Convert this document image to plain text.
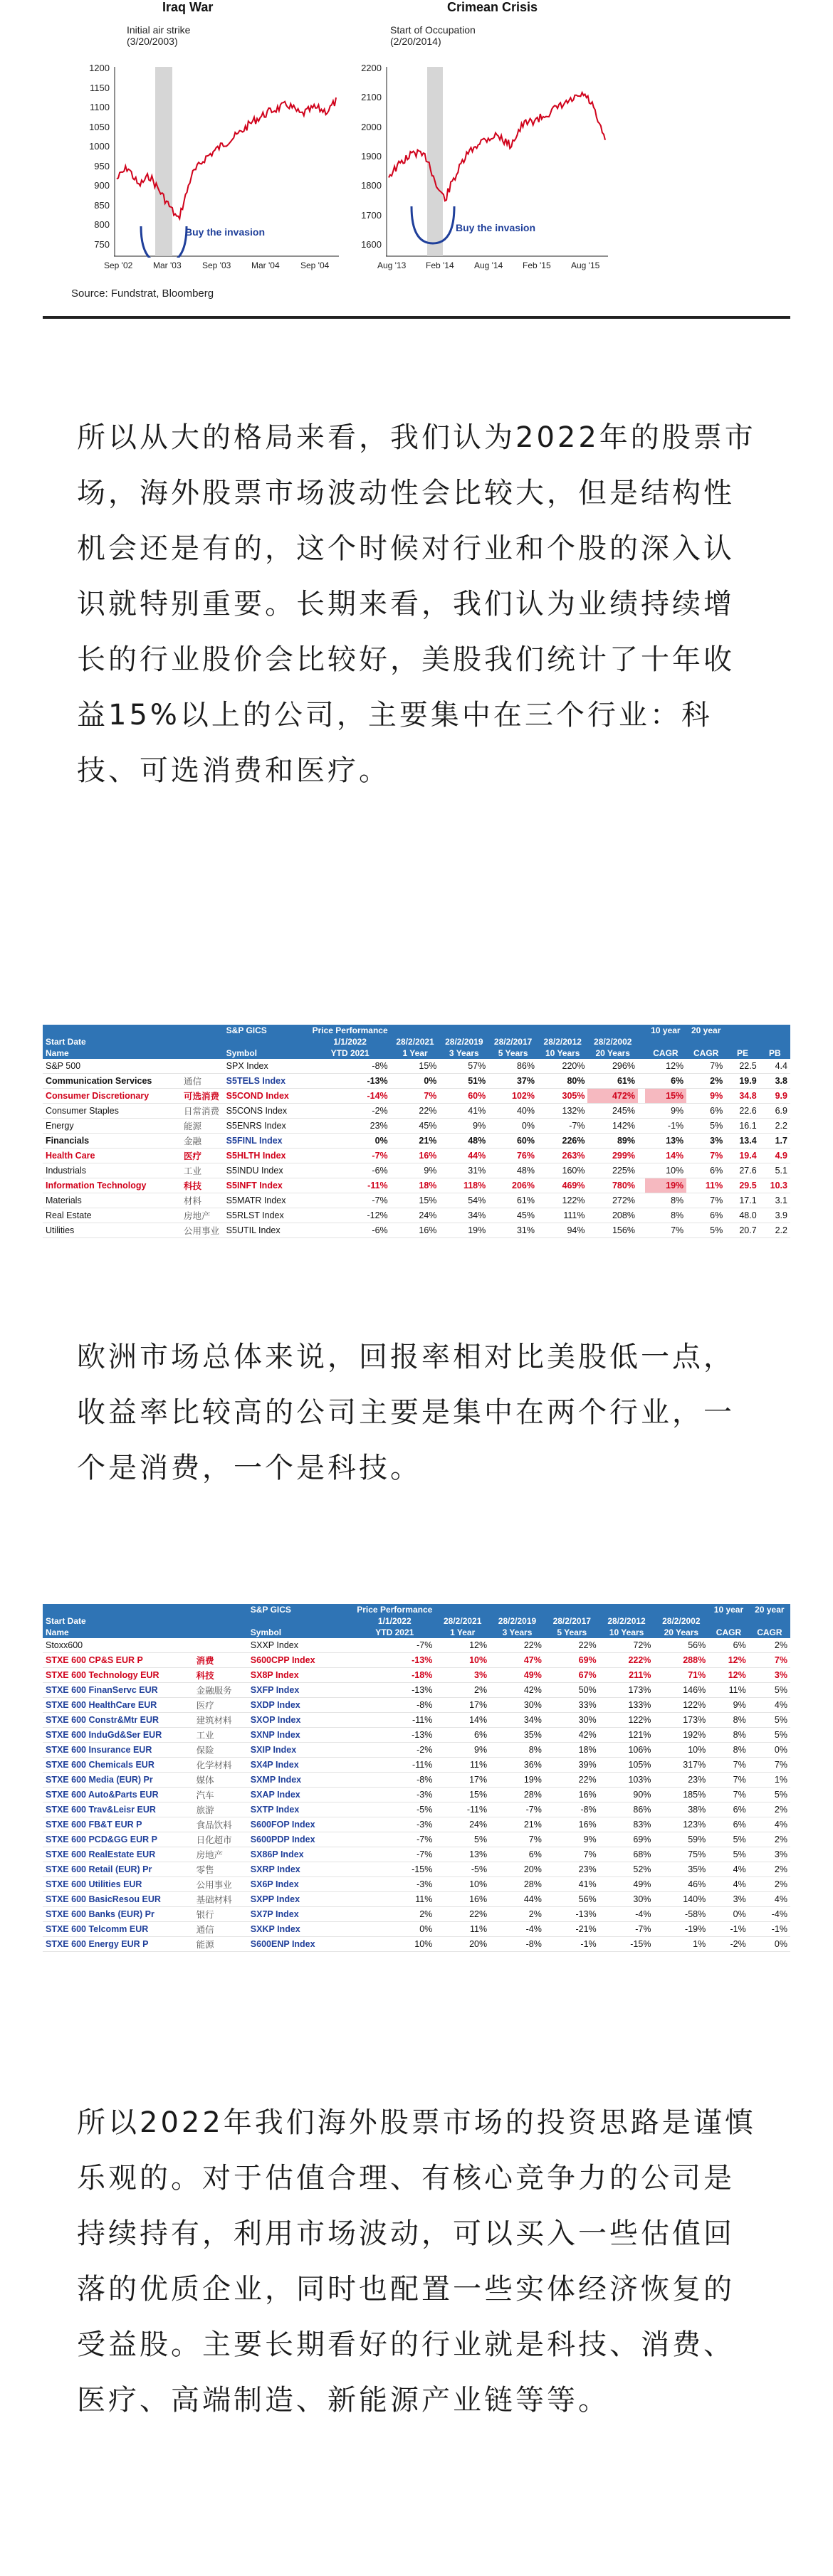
Iraq War
Initial air strike
(3/20/2003)
Buy the invasion
Crimean Crisis
Start of Occupation
(2/20/2014)
Buy the invasion
Source: Fundstrat, Bloomberg
1200
1150
1100
1050
1000
950
900
850
800
750
Sep '02 Mar '03 Sep '03 Mar '04 Sep '04
2200
2100
2000
1900
1800
1700
1600
Aug '13 Feb '14 Aug '14 Feb '15 Aug '15

所以从大的格局来看，我们认为2022年的股票市场，海外股票市场波动性会比较大，但是结构性机会还是有的，这个时候对行业和个股的深入认识就特别重要。长期来看，我们认为业绩持续增长的行业股价会比较好，美股我们统计了十年收益15%以上的公司，主要集中在三个行业：科技、可选消费和医疗。

		S&P GICS	Price Performance							10 year	20 year		
Start Date			1/1/2022	28/2/2021	28/2/2019	28/2/2017	28/2/2012	28/2/2002					
Name		Symbol	YTD 2021	1 Year	3 Years	5 Years	10 Years	20 Years		CAGR	CAGR	PE	PB
S&P 500		SPX Index	-8%	15%	57%	86%	220%	296%		12%	7%	22.5	4.4
Communication Services	通信	S5TELS Index	-13%	0%	51%	37%	80%	61%		6%	2%	19.9	3.8
Consumer Discretionary	可选消费	S5COND Index	-14%	7%	60%	102%	305%	472%		15%	9%	34.8	9.9
Consumer Staples	日常消费	S5CONS Index	-2%	22%	41%	40%	132%	245%		9%	6%	22.6	6.9
Energy	能源	S5ENRS Index	23%	45%	9%	0%	-7%	142%		-1%	5%	16.1	2.2
Financials	金融	S5FINL Index	0%	21%	48%	60%	226%	89%		13%	3%	13.4	1.7
Health Care	医疗	S5HLTH Index	-7%	16%	44%	76%	263%	299%		14%	7%	19.4	4.9
Industrials	工业	S5INDU Index	-6%	9%	31%	48%	160%	225%		10%	6%	27.6	5.1
Information Technology	科技	S5INFT Index	-11%	18%	118%	206%	469%	780%		19%	11%	29.5	10.3
Materials	材料	S5MATR Index	-7%	15%	54%	61%	122%	272%		8%	7%	17.1	3.1
Real Estate	房地产	S5RLST Index	-12%	24%	34%	45%	111%	208%		8%	6%	48.0	3.9
Utilities	公用事业	S5UTIL Index	-6%	16%	19%	31%	94%	156%		7%	5%	20.7	2.2

欧洲市场总体来说，回报率相对比美股低一点，收益率比较高的公司主要是集中在两个行业，一个是消费，一个是科技。

		S&P GICS	Price Performance						10 year	20 year
Start Date			1/1/2022	28/2/2021	28/2/2019	28/2/2017	28/2/2012	28/2/2002		
Name		Symbol	YTD 2021	1 Year	3 Years	5 Years	10 Years	20 Years	CAGR	CAGR
Stoxx600		SXXP Index	-7%	12%	22%	22%	72%	56%	6%	2%
STXE 600 CP&S EUR P	消费	S600CPP Index	-13%	10%	47%	69%	222%	288%	12%	7%
STXE 600 Technology EUR	科技	SX8P Index	-18%	3%	49%	67%	211%	71%	12%	3%
STXE 600 FinanServc EUR	金融服务	SXFP Index	-13%	2%	42%	50%	173%	146%	11%	5%
STXE 600 HealthCare EUR	医疗	SXDP Index	-8%	17%	30%	33%	133%	122%	9%	4%
STXE 600 Constr&Mtr EUR	建筑材料	SXOP Index	-11%	14%	34%	30%	122%	173%	8%	5%
STXE 600 InduGd&Ser EUR	工业	SXNP Index	-13%	6%	35%	42%	121%	192%	8%	5%
STXE 600 Insurance EUR	保险	SXIP Index	-2%	9%	8%	18%	106%	10%	8%	0%
STXE 600 Chemicals EUR	化学材料	SX4P Index	-11%	11%	36%	39%	105%	317%	7%	7%
STXE 600 Media (EUR) Pr	媒体	SXMP Index	-8%	17%	19%	22%	103%	23%	7%	1%
STXE 600 Auto&Parts EUR	汽车	SXAP Index	-3%	15%	28%	16%	90%	185%	7%	5%
STXE 600 Trav&Leisr EUR	旅游	SXTP Index	-5%	-11%	-7%	-8%	86%	38%	6%	2%
STXE 600 FB&T EUR P	食品饮料	S600FOP Index	-3%	24%	21%	16%	83%	123%	6%	4%
STXE 600 PCD&GG EUR P	日化超市	S600PDP Index	-7%	5%	7%	9%	69%	59%	5%	2%
STXE 600 RealEstate EUR	房地产	SX86P Index	-7%	13%	6%	7%	68%	75%	5%	3%
STXE 600 Retail (EUR) Pr	零售	SXRP Index	-15%	-5%	20%	23%	52%	35%	4%	2%
STXE 600 Utilities EUR	公用事业	SX6P Index	-3%	10%	28%	41%	49%	46%	4%	2%
STXE 600 BasicResou EUR	基础材料	SXPP Index	11%	16%	44%	56%	30%	140%	3%	4%
STXE 600 Banks (EUR) Pr	银行	SX7P Index	2%	22%	2%	-13%	-4%	-58%	0%	-4%
STXE 600 Telcomm EUR	通信	SXKP Index	0%	11%	-4%	-21%	-7%	-19%	-1%	-1%
STXE 600 Energy EUR P	能源	S600ENP Index	10%	20%	-8%	-1%	-15%	1%	-2%	0%

所以2022年我们海外股票市场的投资思路是谨慎乐观的。对于估值合理、有核心竞争力的公司是持续持有，利用市场波动，可以买入一些估值回落的优质企业，同时也配置一些实体经济恢复的受益股。主要长期看好的行业就是科技、消费、医疗、高端制造、新能源产业链等等。
